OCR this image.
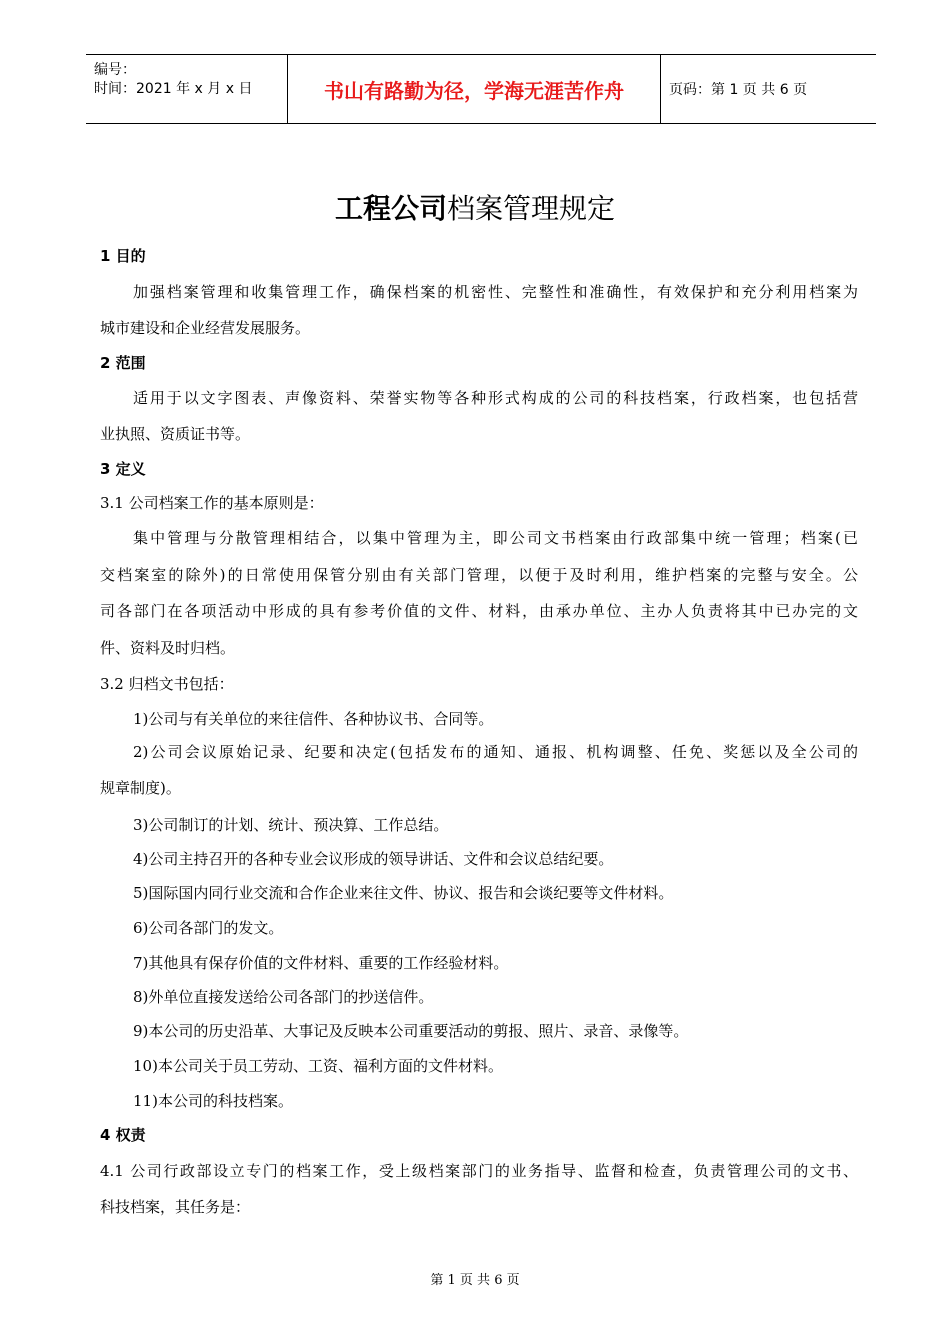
编号：
时间：2021 年 x 月 x 日	书山有路勤为径，学海无涯苦作舟	页码：第 1 页 共 6 页
工程公司档案管理规定
1 目的
加强档案管理和收集管理工作，确保档案的机密性、完整性和准确性，有效保护和充分利用档案为
城市建设和企业经营发展服务。
2 范围
适用于以文字图表、声像资料、荣誉实物等各种形式构成的公司的科技档案，行政档案，也包括营
业执照、资质证书等。
3 定义
3.1 公司档案工作的基本原则是：
集中管理与分散管理相结合，以集中管理为主，即公司文书档案由行政部集中统一管理；档案(已
交档案室的除外)的日常使用保管分别由有关部门管理，以便于及时利用，维护档案的完整与安全。公
司各部门在各项活动中形成的具有参考价值的文件、材料，由承办单位、主办人负责将其中已办完的文
件、资料及时归档。
3.2 归档文书包括：
1)公司与有关单位的来往信件、各种协议书、合同等。
2)公司会议原始记录、纪要和决定(包括发布的通知、通报、机构调整、任免、奖惩以及全公司的
规章制度)。
3)公司制订的计划、统计、预决算、工作总结。
4)公司主持召开的各种专业会议形成的领导讲话、文件和会议总结纪要。
5)国际国内同行业交流和合作企业来往文件、协议、报告和会谈纪要等文件材料。
6)公司各部门的发文。
7)其他具有保存价值的文件材料、重要的工作经验材料。
8)外单位直接发送给公司各部门的抄送信件。
9)本公司的历史沿革、大事记及反映本公司重要活动的剪报、照片、录音、录像等。
10)本公司关于员工劳动、工资、福利方面的文件材料。
11)本公司的科技档案。
4 权责
4.1 公司行政部设立专门的档案工作，受上级档案部门的业务指导、监督和检查，负责管理公司的文书、
科技档案，其任务是：
第 1 页 共 6 页
